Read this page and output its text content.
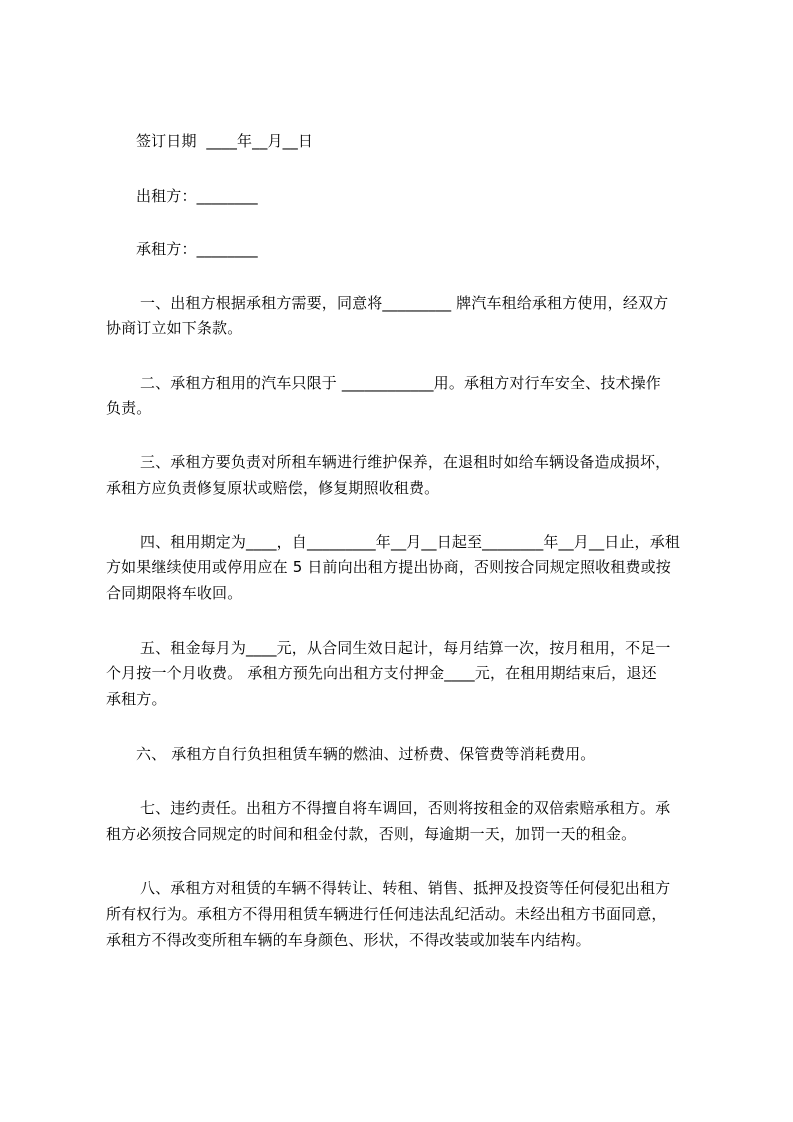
签订日期  ____年__月__日
出租方：________
承租方：________
一、出租方根据承租方需要，同意将_________ 牌汽车租给承租方使用，经双方
协商订立如下条款。
二、承租方租用的汽车只限于 ____________用。承租方对行车安全、技术操作
负责。
三、承租方要负责对所租车辆进行维护保养，在退租时如给车辆设备造成损坏，
承租方应负责修复原状或赔偿，修复期照收租费。
四、租用期定为____，自_________年__月__日起至________年__月__日止，承租
方如果继续使用或停用应在 5 日前向出租方提出协商，否则按合同规定照收租费或按
合同期限将车收回。
五、租金每月为____元，从合同生效日起计，每月结算一次，按月租用，不足一
个月按一个月收费。 承租方预先向出租方支付押金____元，在租用期结束后，退还
承租方。
六、 承租方自行负担租赁车辆的燃油、过桥费、保管费等消耗费用。
七、违约责任。出租方不得擅自将车调回，否则将按租金的双倍索赔承租方。承
租方必须按合同规定的时间和租金付款，否则，每逾期一天，加罚一天的租金。
八、承租方对租赁的车辆不得转让、转租、销售、抵押及投资等任何侵犯出租方
所有权行为。承租方不得用租赁车辆进行任何违法乱纪活动。未经出租方书面同意，
承租方不得改变所租车辆的车身颜色、形状，不得改装或加装车内结构。
